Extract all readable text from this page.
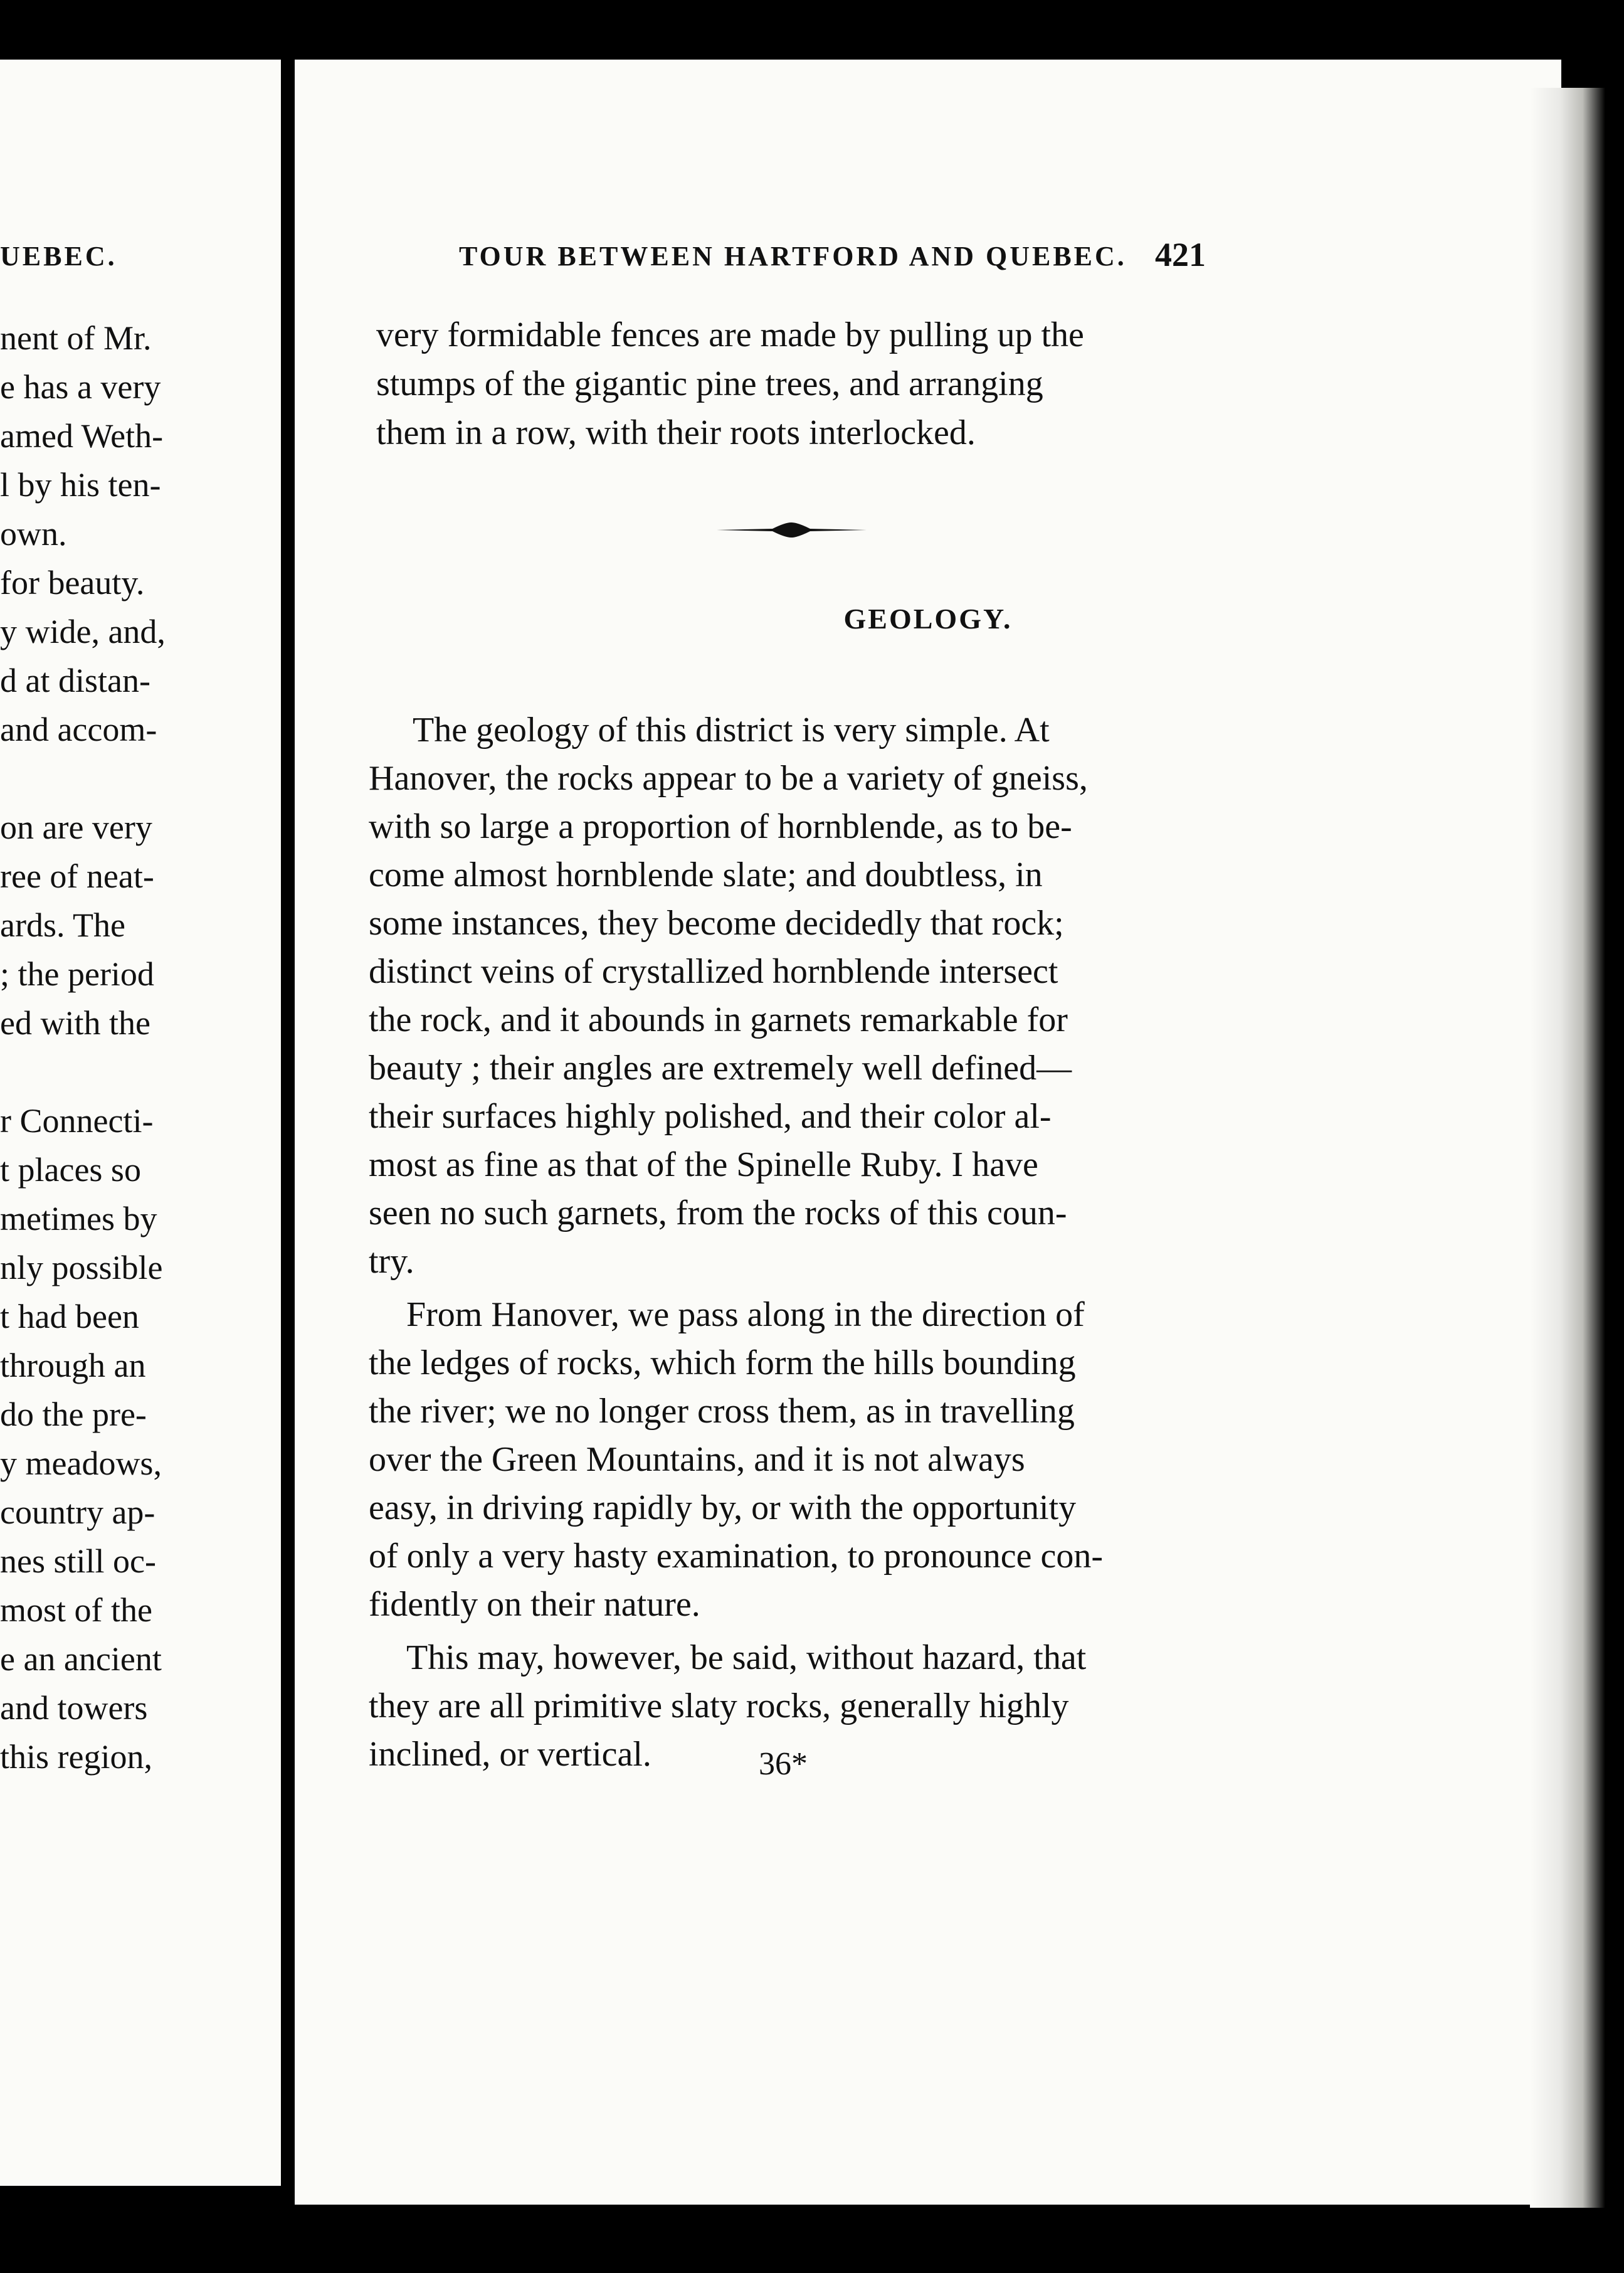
UEBEC.
nent of Mr.
e has a very
amed Weth-
l by his ten-
own.
for beauty.
y wide, and,
d at distan-
and accom-
on are very
ree of neat-
ards. The
; the period
ed with the
r Connecti-
t places so
metimes by
nly possible
t had been
through an
do the pre-
y meadows,
country ap-
nes still oc-
most of the
e an ancient
and towers
this region,
TOUR BETWEEN HARTFORD AND QUEBEC. 421
very formidable fences are made by pulling up the
stumps of the gigantic pine trees, and arranging
them in a row, with their roots interlocked.
GEOLOGY.
The geology of this district is very simple. At
Hanover, the rocks appear to be a variety of gneiss,
with so large a proportion of hornblende, as to be-
come almost hornblende slate; and doubtless, in
some instances, they become decidedly that rock;
distinct veins of crystallized hornblende intersect
the rock, and it abounds in garnets remarkable for
beauty ; their angles are extremely well defined—
their surfaces highly polished, and their color al-
most as fine as that of the Spinelle Ruby. I have
seen no such garnets, from the rocks of this coun-
try.
From Hanover, we pass along in the direction of
the ledges of rocks, which form the hills bounding
the river; we no longer cross them, as in travelling
over the Green Mountains, and it is not always
easy, in driving rapidly by, or with the opportunity
of only a very hasty examination, to pronounce con-
fidently on their nature.
This may, however, be said, without hazard, that
they are all primitive slaty rocks, generally highly
inclined, or vertical.	36*
